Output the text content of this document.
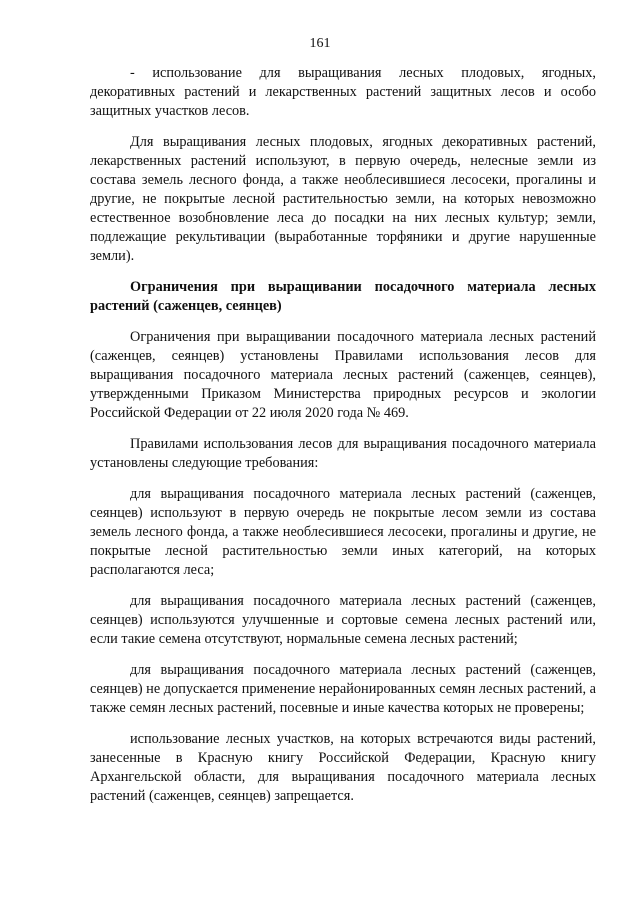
161

- использование для выращивания лесных плодовых, ягодных, декоративных растений и лекарственных растений защитных лесов и особо защитных участков лесов.

Для выращивания лесных плодовых, ягодных декоративных растений, лекарственных растений используют, в первую очередь, нелесные земли из состава земель лесного фонда, а также необлесившиеся лесосеки, прогалины и другие, не покрытые лесной растительностью земли, на которых невозможно естественное возобновление леса до посадки на них лесных культур; земли, подлежащие рекультивации (выработанные торфяники и другие нарушенные земли).

Ограничения при выращивании посадочного материала лесных растений (саженцев, сеянцев)

Ограничения при выращивании посадочного материала лесных растений (саженцев, сеянцев) установлены Правилами использования лесов для выращивания посадочного материала лесных растений (саженцев, сеянцев), утвержденными Приказом Министерства природных ресурсов и экологии Российской Федерации от 22 июля 2020 года № 469.

Правилами использования лесов для выращивания посадочного материала установлены следующие требования:

для выращивания посадочного материала лесных растений (саженцев, сеянцев) используют в первую очередь не покрытые лесом земли из состава земель лесного фонда, а также необлесившиеся лесосеки, прогалины и другие, не покрытые лесной растительностью земли иных категорий, на которых располагаются леса;

для выращивания посадочного материала лесных растений (саженцев, сеянцев) используются улучшенные и сортовые семена лесных растений или, если такие семена отсутствуют, нормальные семена лесных растений;

для выращивания посадочного материала лесных растений (саженцев, сеянцев) не допускается применение нерайонированных семян лесных растений, а также семян лесных растений, посевные и иные качества которых не проверены;

использование лесных участков, на которых встречаются виды растений, занесенные в Красную книгу Российской Федерации, Красную книгу Архангельской области, для выращивания посадочного материала лесных растений (саженцев, сеянцев) запрещается.
